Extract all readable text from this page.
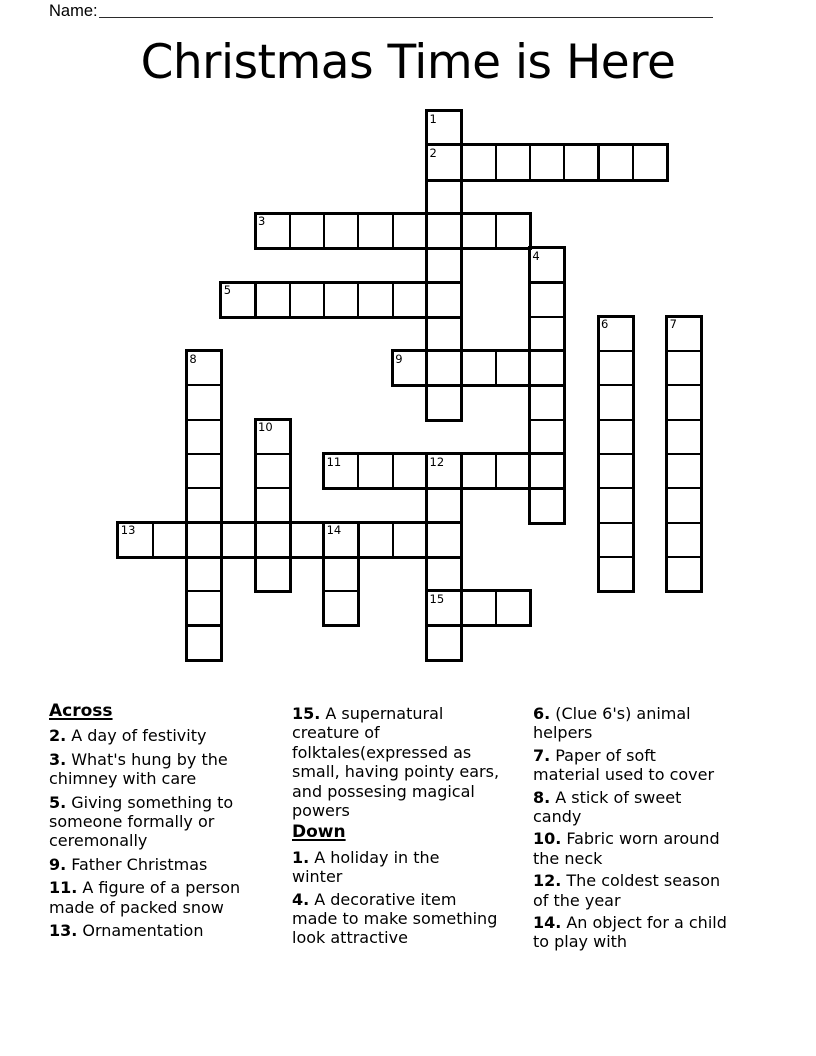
Name:
Christmas Time is Here
1
2
3
4
5
6	7
8	9
10
11	12
13	14
15
Across
2. A day of festivity
3. What's hung by the
chimney with care
5. Giving something to
someone formally or
ceremonally
9. Father Christmas
11. A figure of a person
made of packed snow
13. Ornamentation
15. A supernatural
creature of
folktales(expressed as
small, having pointy ears,
and possesing magical
powers
Down
1. A holiday in the
winter
4. A decorative item
made to make something
look attractive
6. (Clue 6's) animal
helpers
7. Paper of soft
material used to cover
8. A stick of sweet
candy
10. Fabric worn around
the neck
12. The coldest season
of the year
14. An object for a child
to play with
